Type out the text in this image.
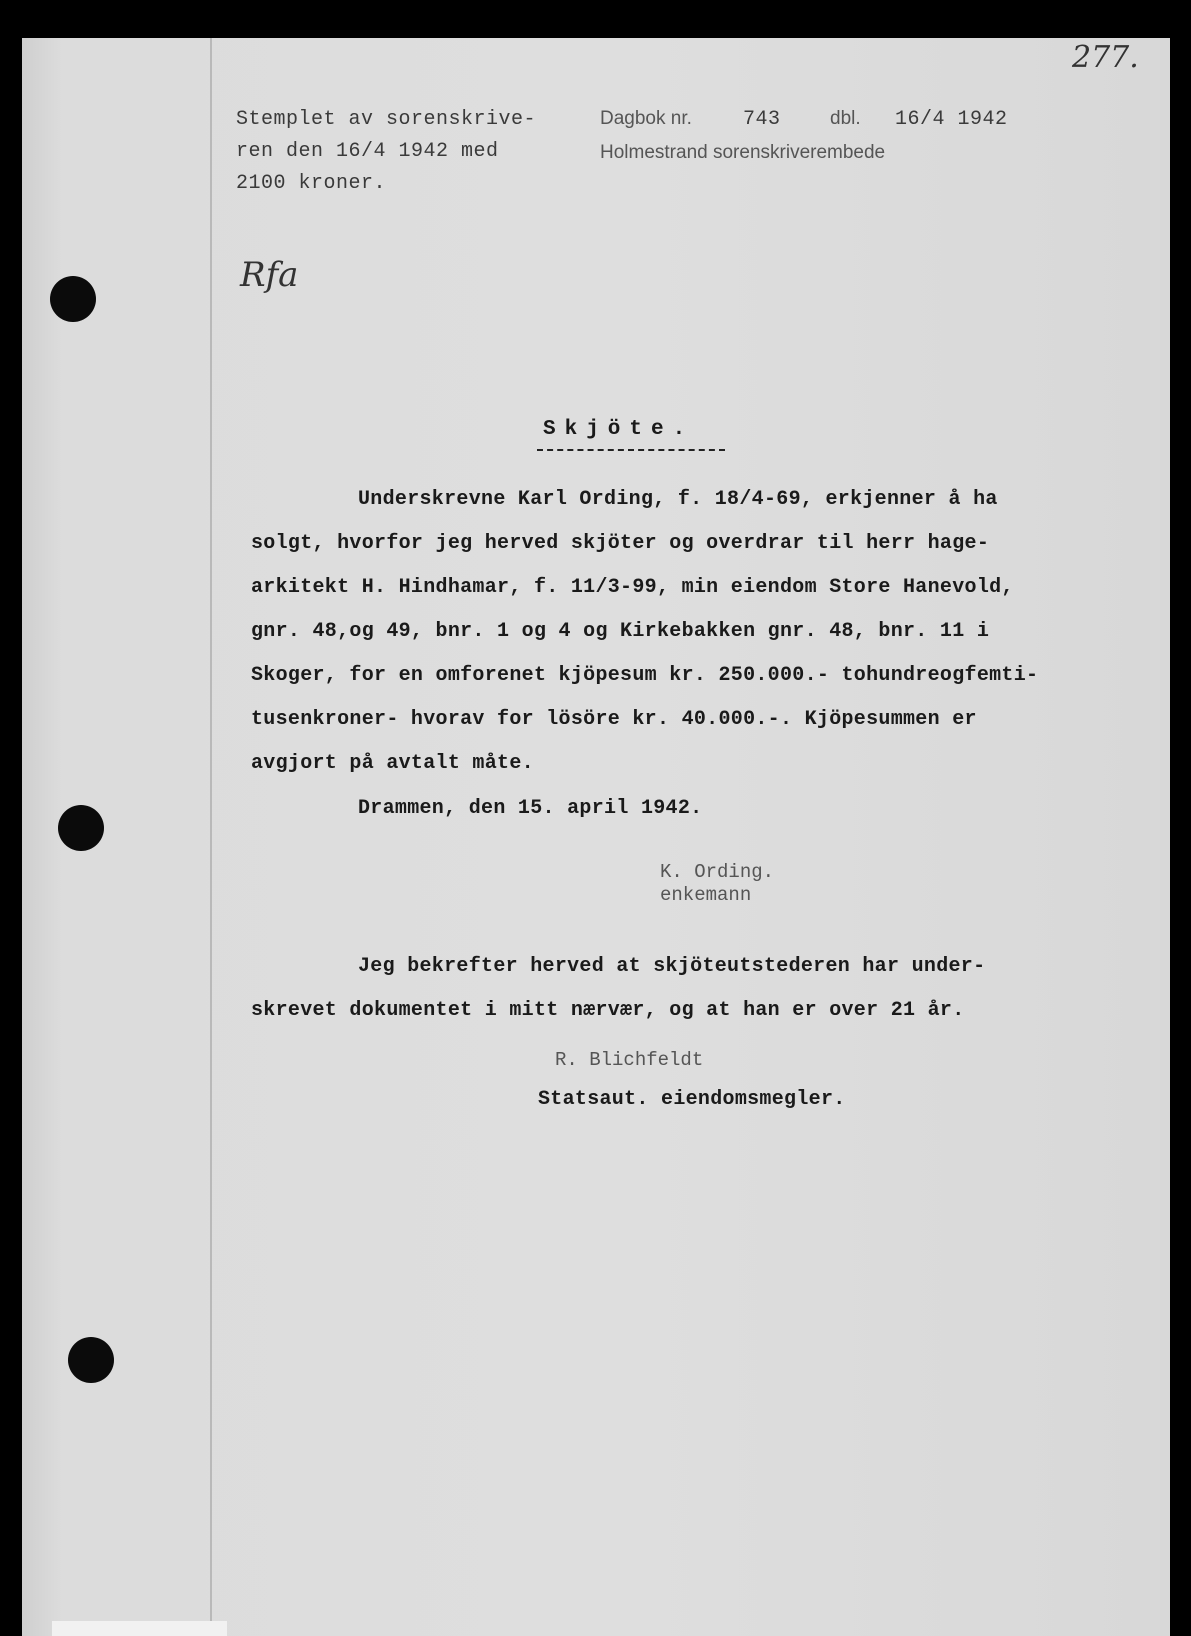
277.
Stemplet av sorenskrive-
ren den 16/4 1942 med
2100 kroner.
Dagbok nr.	743	dbl. 16/4 1942
Holmestrand sorenskriverembede
Rfa
Skjöte.
Underskrevne Karl Ording, f. 18/4-69, erkjenner å ha
solgt, hvorfor jeg herved skjöter og overdrar til herr hage-
arkitekt H. Hindhamar, f. 11/3-99, min eiendom Store Hanevold,
gnr. 48,og 49, bnr. 1 og 4 og Kirkebakken gnr. 48, bnr. 11 i
Skoger, for en omforenet kjöpesum kr. 250.000.- tohundreogfemti-
tusenkroner- hvorav for lösöre kr. 40.000.-. Kjöpesummen er
avgjort på avtalt måte.
Drammen, den 15. april 1942.
K. Ording.
enkemann
Jeg bekrefter herved at skjöteutstederen har under-
skrevet dokumentet i mitt nærvær, og at han er over 21 år.
R. Blichfeldt
Statsaut. eiendomsmegler.
